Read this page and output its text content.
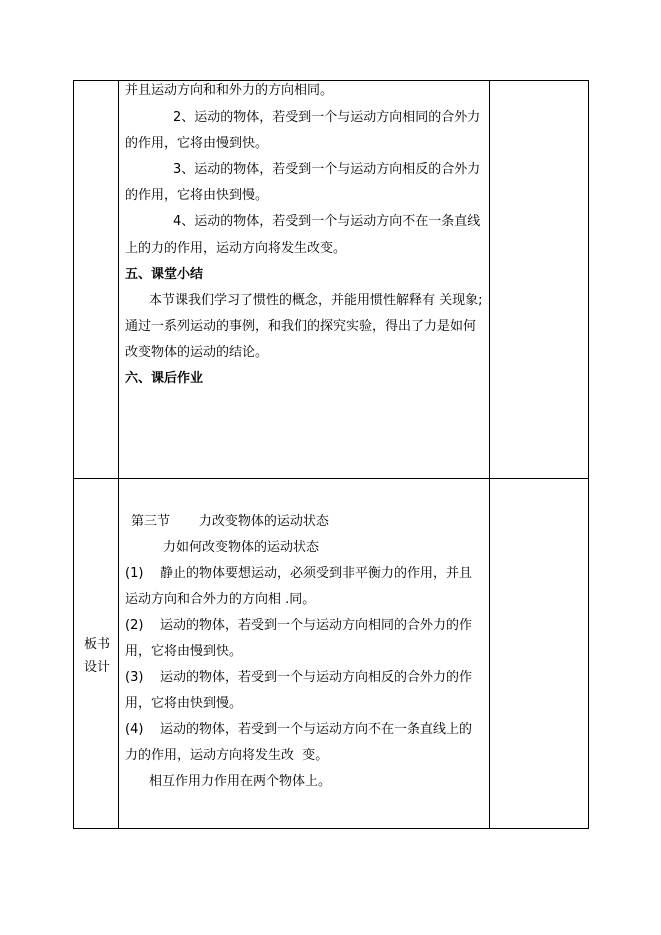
并且运动方向和和外力的方向相同。
2、运动的物体，若受到一个与运动方向相同的合外力
的作用，它将由慢到快。
3、运动的物体，若受到一个与运动方向相反的合外力
的作用，它将由快到慢。
4、运动的物体，若受到一个与运动方向不在一条直线
上的力的作用，运动方向将发生改变。
五、课堂小结
本节课我们学习了惯性的概念，并能用惯性解释有 关现象;
通过一系列运动的事例，和我们的探究实验，得出了力是如何
改变物体的运动的结论。
六、课后作业
板书
设计
第三节       力改变物体的运动状态
力如何改变物体的运动状态
(1)    静止的物体要想运动，必须受到非平衡力的作用，并且
运动方向和合外力的方向相 .同。
(2)    运动的物体，若受到一个与运动方向相同的合外力的作
用，它将由慢到快。
(3)    运动的物体，若受到一个与运动方向相反的合外力的作
用，它将由快到慢。
(4)    运动的物体，若受到一个与运动方向不在一条直线上的
力的作用，运动方向将发生改  变。
相互作用力作用在两个物体上。
